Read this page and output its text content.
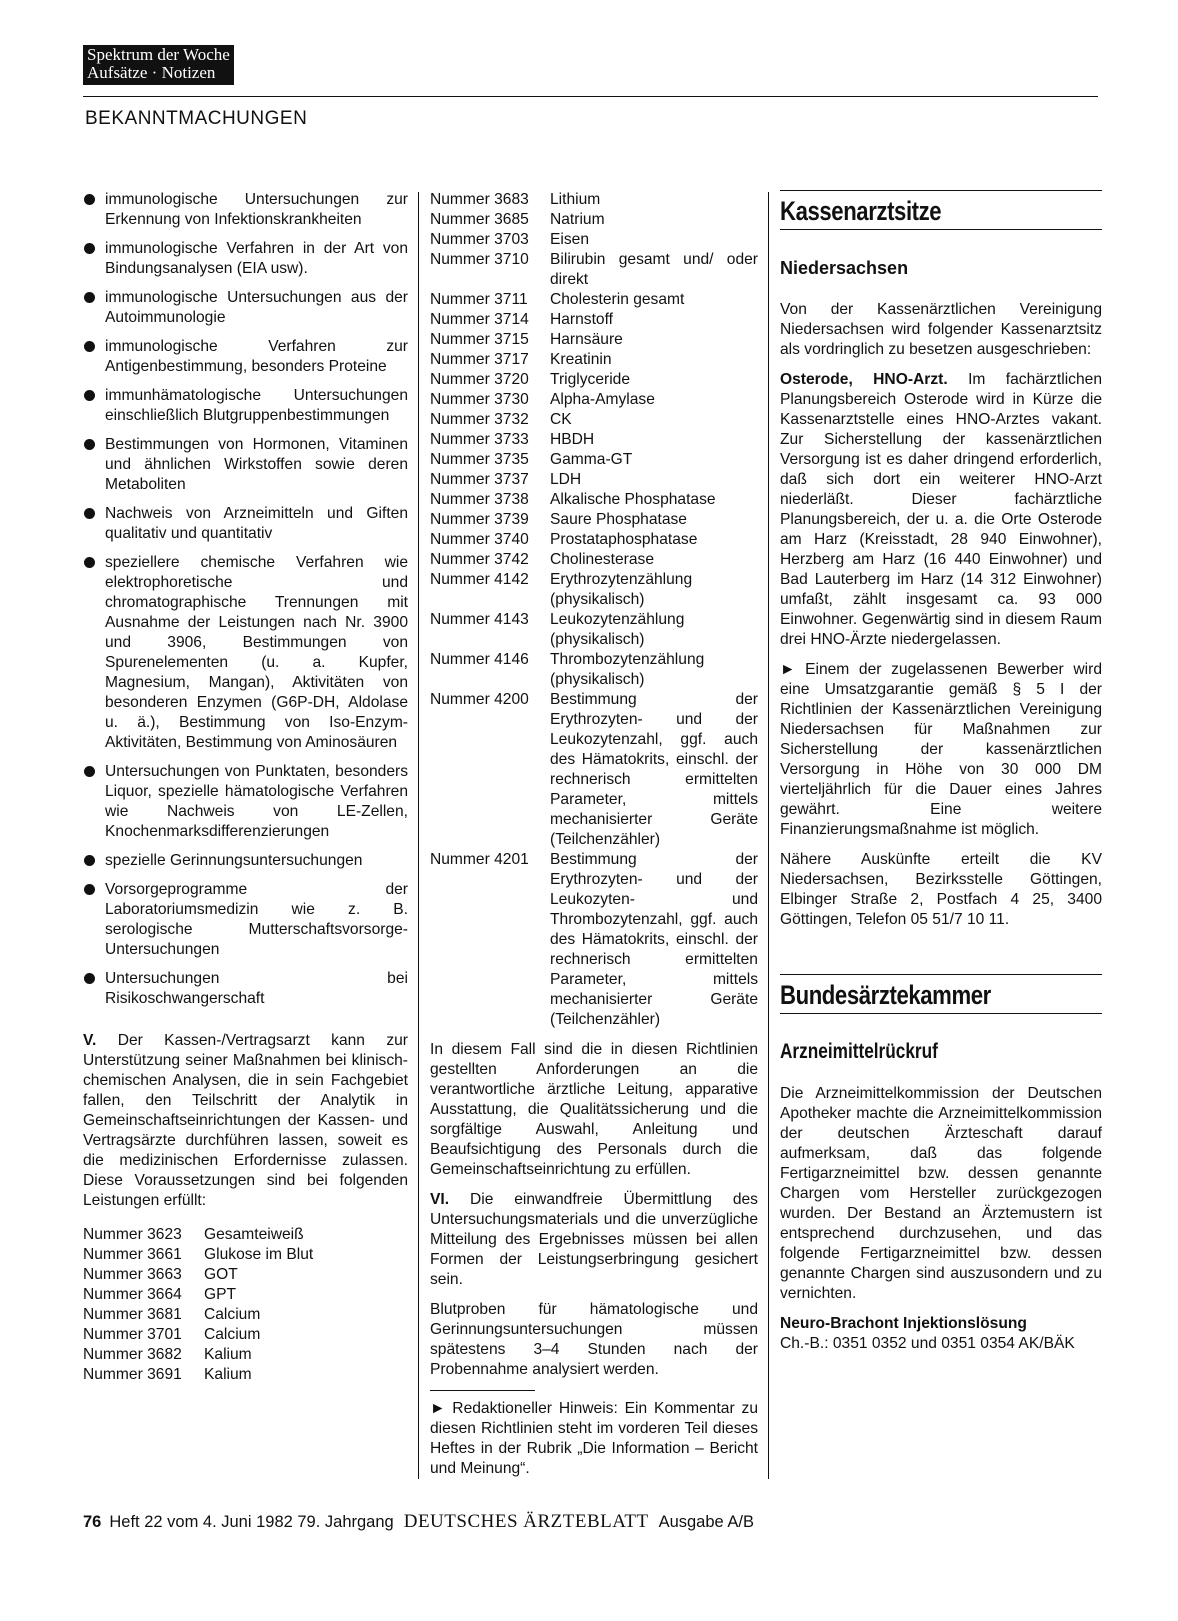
Spektrum der Woche
Aufsätze · Notizen
BEKANNTMACHUNGEN
immunologische Untersuchungen zur Erkennung von Infektionskrankheiten
immunologische Verfahren in der Art von Bindungsanalysen (EIA usw).
immunologische Untersuchungen aus der Autoimmunologie
immunologische Verfahren zur Antigenbestimmung, besonders Proteine
immunhämatologische Untersuchungen einschließlich Blutgruppenbestimmungen
Bestimmungen von Hormonen, Vitaminen und ähnlichen Wirkstoffen sowie deren Metaboliten
Nachweis von Arzneimitteln und Giften qualitativ und quantitativ
speziellere chemische Verfahren wie elektrophoretische und chromatographische Trennungen mit Ausnahme der Leistungen nach Nr. 3900 und 3906, Bestimmungen von Spurenelementen (u. a. Kupfer, Magnesium, Mangan), Aktivitäten von besonderen Enzymen (G6P-DH, Aldolase u. ä.), Bestimmung von Iso-Enzym-Aktivitäten, Bestimmung von Aminosäuren
Untersuchungen von Punktaten, besonders Liquor, spezielle hämatologische Verfahren wie Nachweis von LE-Zellen, Knochenmarksdifferenzierungen
spezielle Gerinnungsuntersuchungen
Vorsorgeprogramme der Laboratoriumsmedizin wie z. B. serologische Mutterschaftsvorsorge-Untersuchungen
Untersuchungen bei Risikoschwangerschaft

V. Der Kassen-/Vertragsarzt kann zur Unterstützung seiner Maßnahmen bei klinisch-chemischen Analysen, die in sein Fachgebiet fallen, den Teilschritt der Analytik in Gemeinschaftseinrichtungen der Kassen- und Vertragsärzte durchführen lassen, soweit es die medizinischen Erfordernisse zulassen. Diese Voraussetzungen sind bei folgenden Leistungen erfüllt:

Nummer 3623	Gesamteiweiß
Nummer 3661	Glukose im Blut
Nummer 3663	GOT
Nummer 3664	GPT
Nummer 3681	Calcium
Nummer 3701	Calcium
Nummer 3682	Kalium
Nummer 3691	Kalium
Nummer 3683	Lithium
Nummer 3685	Natrium
Nummer 3703	Eisen
Nummer 3710	Bilirubin gesamt und/ oder direkt
Nummer 3711	Cholesterin gesamt
Nummer 3714	Harnstoff
Nummer 3715	Harnsäure
Nummer 3717	Kreatinin
Nummer 3720	Triglyceride
Nummer 3730	Alpha-Amylase
Nummer 3732	CK
Nummer 3733	HBDH
Nummer 3735	Gamma-GT
Nummer 3737	LDH
Nummer 3738	Alkalische Phosphatase
Nummer 3739	Saure Phosphatase
Nummer 3740	Prostataphosphatase
Nummer 3742	Cholinesterase
Nummer 4142	Erythrozytenzählung (physikalisch)
Nummer 4143	Leukozytenzählung (physikalisch)
Nummer 4146	Thrombozytenzählung (physikalisch)
Nummer 4200	Bestimmung der Erythrozyten- und der Leukozytenzahl, ggf. auch des Hämatokrits, einschl. der rechnerisch ermittelten Parameter, mittels mechanisierter Geräte (Teilchenzähler)
Nummer 4201	Bestimmung der Erythrozyten- und der Leukozyten- und Thrombozytenzahl, ggf. auch des Hämatokrits, einschl. der rechnerisch ermittelten Parameter, mittels mechanisierter Geräte (Teilchenzähler)

In diesem Fall sind die in diesen Richtlinien gestellten Anforderungen an die verantwortliche ärztliche Leitung, apparative Ausstattung, die Qualitätssicherung und die sorgfältige Auswahl, Anleitung und Beaufsichtigung des Personals durch die Gemeinschaftseinrichtung zu erfüllen.

VI. Die einwandfreie Übermittlung des Untersuchungsmaterials und die unverzügliche Mitteilung des Ergebnisses müssen bei allen Formen der Leistungserbringung gesichert sein.

Blutproben für hämatologische und Gerinnungsuntersuchungen müssen spätestens 3–4 Stunden nach der Probennahme analysiert werden.

► Redaktioneller Hinweis: Ein Kommentar zu diesen Richtlinien steht im vorderen Teil dieses Heftes in der Rubrik „Die Information – Bericht und Meinung“.

Kassenarztsitze
Niedersachsen

Von der Kassenärztlichen Vereinigung Niedersachsen wird folgender Kassenarztsitz als vordringlich zu besetzen ausgeschrieben:

Osterode, HNO-Arzt. Im fachärztlichen Planungsbereich Osterode wird in Kürze die Kassenarztstelle eines HNO-Arztes vakant. Zur Sicherstellung der kassenärztlichen Versorgung ist es daher dringend erforderlich, daß sich dort ein weiterer HNO-Arzt niederläßt. Dieser fachärztliche Planungsbereich, der u. a. die Orte Osterode am Harz (Kreisstadt, 28 940 Einwohner), Herzberg am Harz (16 440 Einwohner) und Bad Lauterberg im Harz (14 312 Einwohner) umfaßt, zählt insgesamt ca. 93 000 Einwohner. Gegenwärtig sind in diesem Raum drei HNO-Ärzte niedergelassen.

► Einem der zugelassenen Bewerber wird eine Umsatzgarantie gemäß § 5 I der Richtlinien der Kassenärztlichen Vereinigung Niedersachsen für Maßnahmen zur Sicherstellung der kassenärztlichen Versorgung in Höhe von 30 000 DM vierteljährlich für die Dauer eines Jahres gewährt. Eine weitere Finanzierungsmaßnahme ist möglich.

Nähere Auskünfte erteilt die KV Niedersachsen, Bezirksstelle Göttingen, Elbinger Straße 2, Postfach 4 25, 3400 Göttingen, Telefon 05 51/7 10 11.

Bundesärztekammer
Arzneimittelrückruf

Die Arzneimittelkommission der Deutschen Apotheker machte die Arzneimittelkommission der deutschen Ärzteschaft darauf aufmerksam, daß das folgende Fertigarzneimittel bzw. dessen genannte Chargen vom Hersteller zurückgezogen wurden. Der Bestand an Ärztemustern ist entsprechend durchzusehen, und das folgende Fertigarzneimittel bzw. dessen genannte Chargen sind auszusondern und zu vernichten.

Neuro-Brachont Injektionslösung
Ch.-B.: 0351 0352 und 0351 0354 AK/BÄK
76 Heft 22 vom 4. Juni 1982 79. Jahrgang DEUTSCHES ÄRZTEBLATT Ausgabe A/B
